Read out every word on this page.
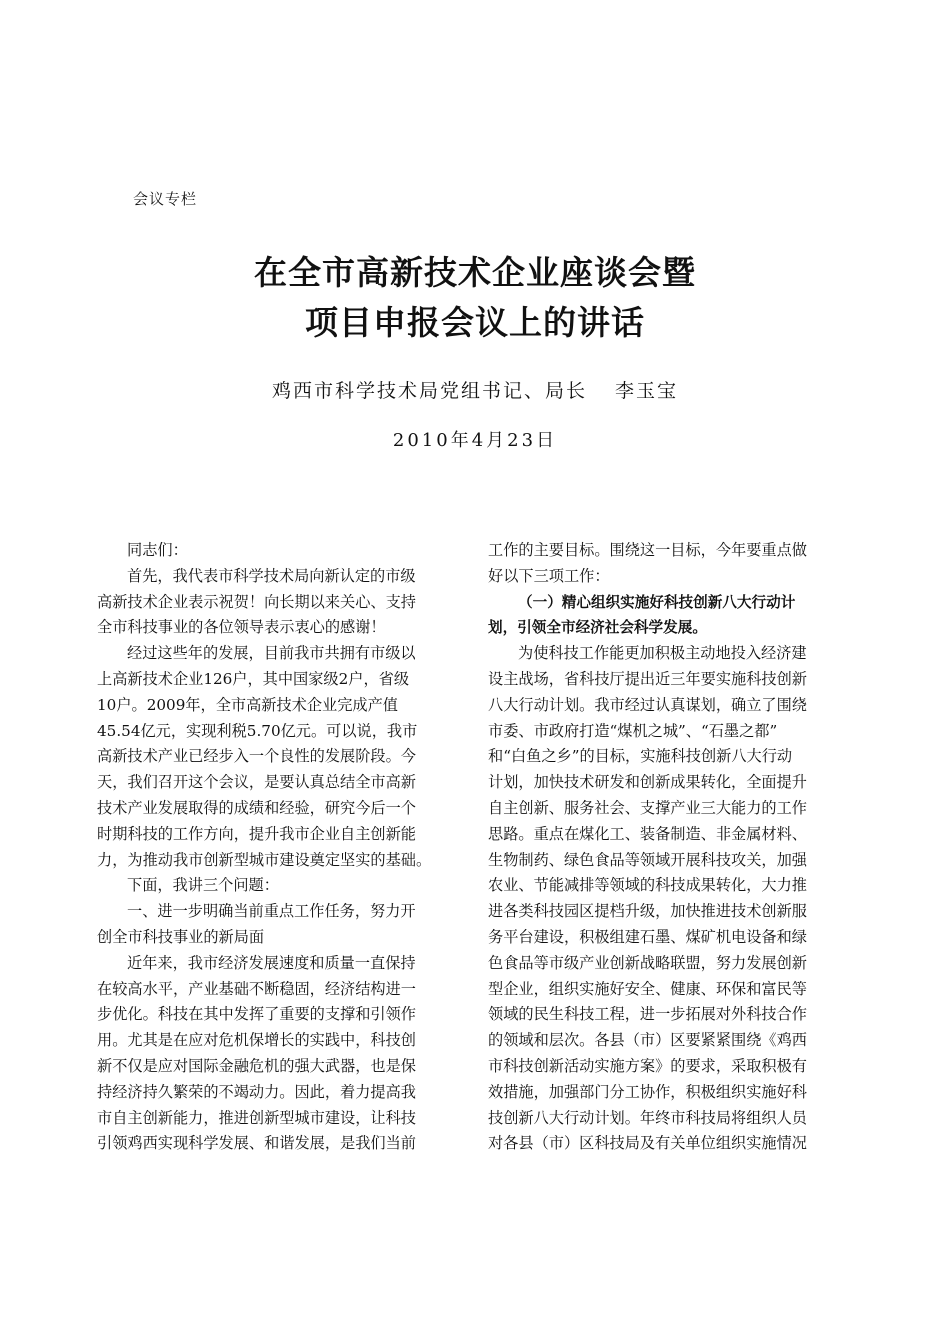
会议专栏
在全市高新技术企业座谈会暨
项目申报会议上的讲话
鸡西市科学技术局党组书记、局长 李玉宝
2010年4月23日
同志们：
首先，我代表市科学技术局向新认定的市级
高新技术企业表示祝贺！向长期以来关心、支持
全市科技事业的各位领导表示衷心的感谢！
经过这些年的发展，目前我市共拥有市级以
上高新技术企业126户，其中国家级2户，省级
10户。2009年，全市高新技术企业完成产值
45.54亿元，实现利税5.70亿元。可以说，我市
高新技术产业已经步入一个良性的发展阶段。今
天，我们召开这个会议，是要认真总结全市高新
技术产业发展取得的成绩和经验，研究今后一个
时期科技的工作方向，提升我市企业自主创新能
力，为推动我市创新型城市建设奠定坚实的基础。
下面，我讲三个问题：
一、进一步明确当前重点工作任务，努力开
创全市科技事业的新局面
近年来，我市经济发展速度和质量一直保持
在较高水平，产业基础不断稳固，经济结构进一
步优化。科技在其中发挥了重要的支撑和引领作
用。尤其是在应对危机保增长的实践中，科技创
新不仅是应对国际金融危机的强大武器，也是保
持经济持久繁荣的不竭动力。因此，着力提高我
市自主创新能力，推进创新型城市建设，让科技
引领鸡西实现科学发展、和谐发展，是我们当前
工作的主要目标。围绕这一目标，今年要重点做
好以下三项工作：
（一）精心组织实施好科技创新八大行动计
划，引领全市经济社会科学发展。
为使科技工作能更加积极主动地投入经济建
设主战场，省科技厅提出近三年要实施科技创新
八大行动计划。我市经过认真谋划，确立了围绕
市委、市政府打造“煤机之城”、“石墨之都”
和“白鱼之乡”的目标，实施科技创新八大行动
计划，加快技术研发和创新成果转化，全面提升
自主创新、服务社会、支撑产业三大能力的工作
思路。重点在煤化工、装备制造、非金属材料、
生物制药、绿色食品等领域开展科技攻关，加强
农业、节能减排等领域的科技成果转化，大力推
进各类科技园区提档升级，加快推进技术创新服
务平台建设，积极组建石墨、煤矿机电设备和绿
色食品等市级产业创新战略联盟，努力发展创新
型企业，组织实施好安全、健康、环保和富民等
领域的民生科技工程，进一步拓展对外科技合作
的领域和层次。各县（市）区要紧紧围绕《鸡西
市科技创新活动实施方案》的要求，采取积极有
效措施，加强部门分工协作，积极组织实施好科
技创新八大行动计划。年终市科技局将组织人员
对各县（市）区科技局及有关单位组织实施情况
